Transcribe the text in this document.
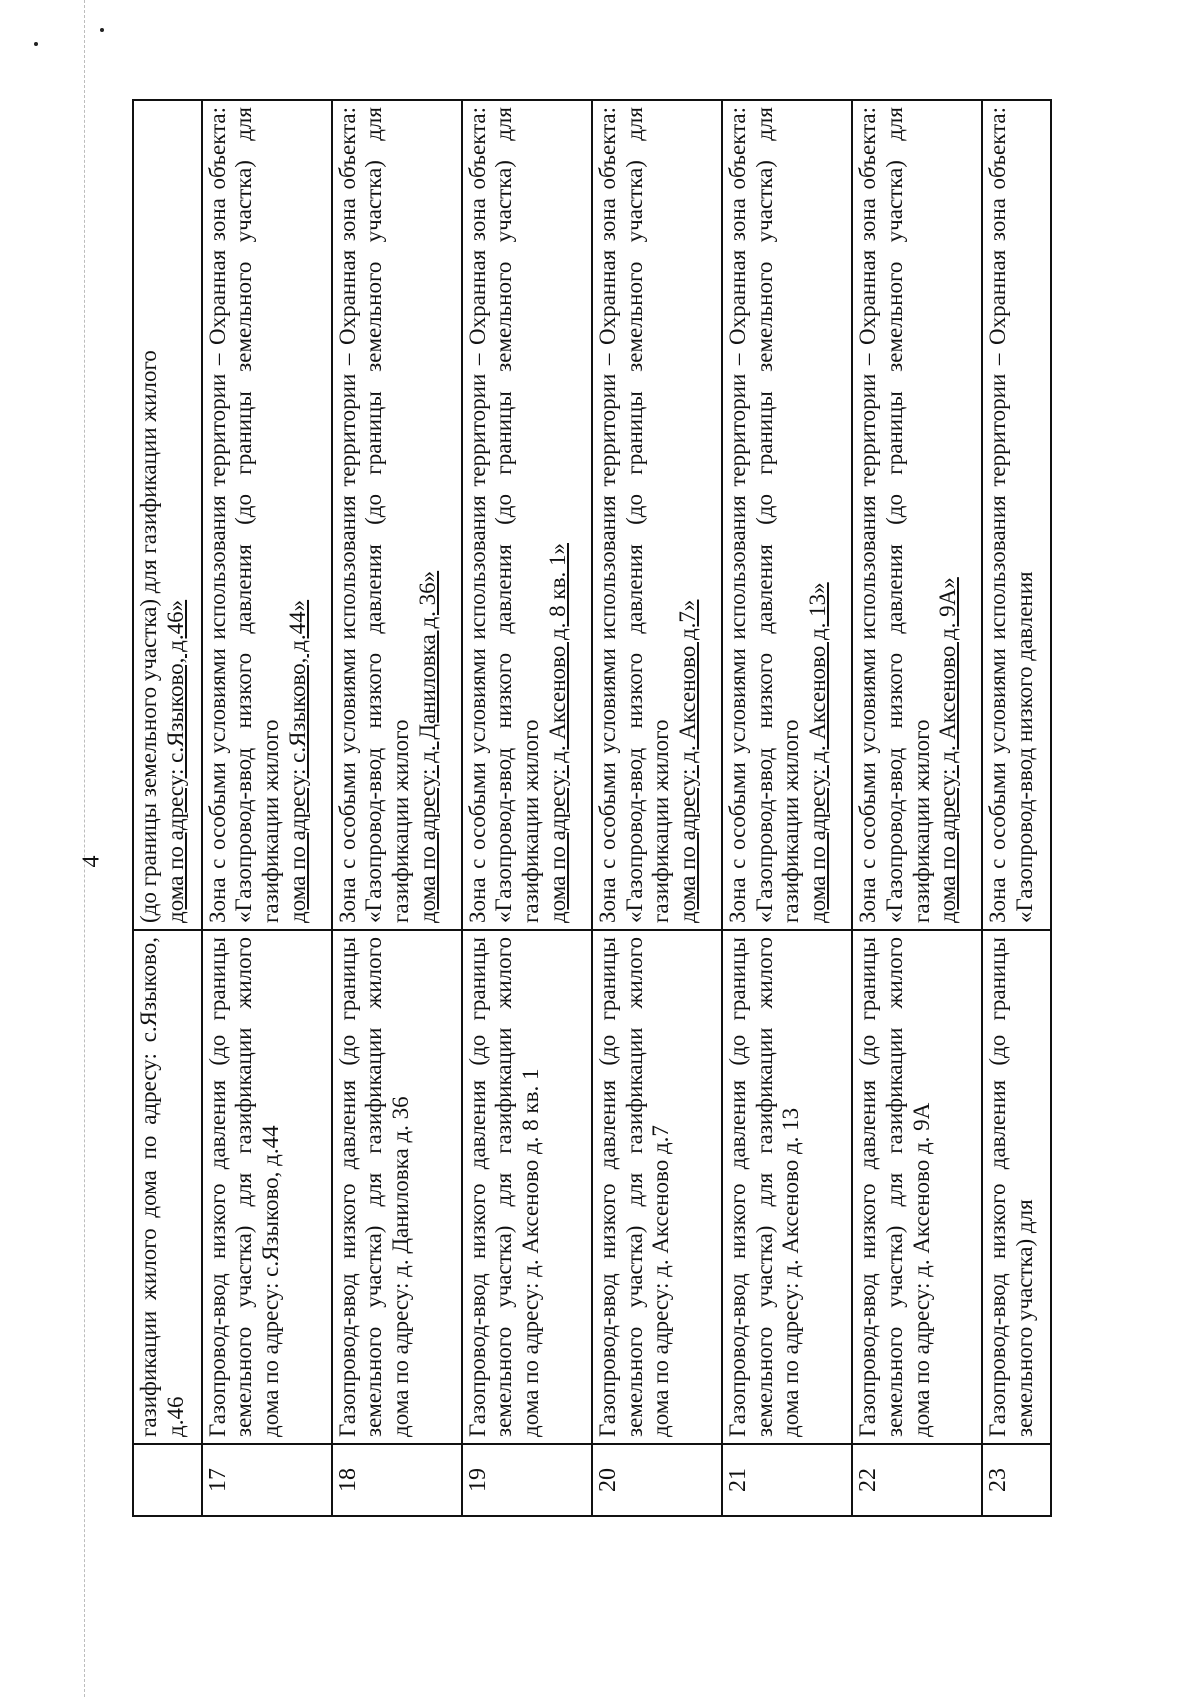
4

	газификации жилого дома по адресу: с.Языково, д.46	(до границы земельного участка) для газификации жилого дома по адресу: с.Языково, д.46»

17	Газопровод-ввод низкого давления (до границы земельного участка) для газификации жилого дома по адресу: с.Языково, д.44	Зона с особыми условиями использования территории – Охранная зона объекта: «Газопровод-ввод низкого давления (до границы земельного участка) для газификации жилого дома по адресу: с.Языково, д.44»

18	Газопровод-ввод низкого давления (до границы земельного участка) для газификации жилого дома по адресу: д. Даниловка д. 36	Зона с особыми условиями использования территории – Охранная зона объекта: «Газопровод-ввод низкого давления (до границы земельного участка) для газификации жилого дома по адресу: д. Даниловка д. 36»

19	Газопровод-ввод низкого давления (до границы земельного участка) для газификации жилого дома по адресу: д. Аксеново д. 8 кв. 1	Зона с особыми условиями использования территории – Охранная зона объекта: «Газопровод-ввод низкого давления (до границы земельного участка) для газификации жилого дома по адресу: д. Аксеново д. 8 кв. 1»

20	Газопровод-ввод низкого давления (до границы земельного участка) для газификации жилого дома по адресу: д. Аксеново д.7	Зона с особыми условиями использования территории – Охранная зона объекта: «Газопровод-ввод низкого давления (до границы земельного участка) для газификации жилого дома по адресу: д. Аксеново д.7»

21	Газопровод-ввод низкого давления (до границы земельного участка) для газификации жилого дома по адресу: д. Аксеново д. 13	Зона с особыми условиями использования территории – Охранная зона объекта: «Газопровод-ввод низкого давления (до границы земельного участка) для газификации жилого дома по адресу: д. Аксеново д. 13»

22	Газопровод-ввод низкого давления (до границы земельного участка) для газификации жилого дома по адресу: д. Аксеново д. 9А	Зона с особыми условиями использования территории – Охранная зона объекта: «Газопровод-ввод низкого давления (до границы земельного участка) для газификации жилого дома по адресу: д. Аксеново д. 9А»

23	Газопровод-ввод низкого давления (до границы земельного участка) для	Зона с особыми условиями использования территории – Охранная зона объекта: «Газопровод-ввод низкого давления
